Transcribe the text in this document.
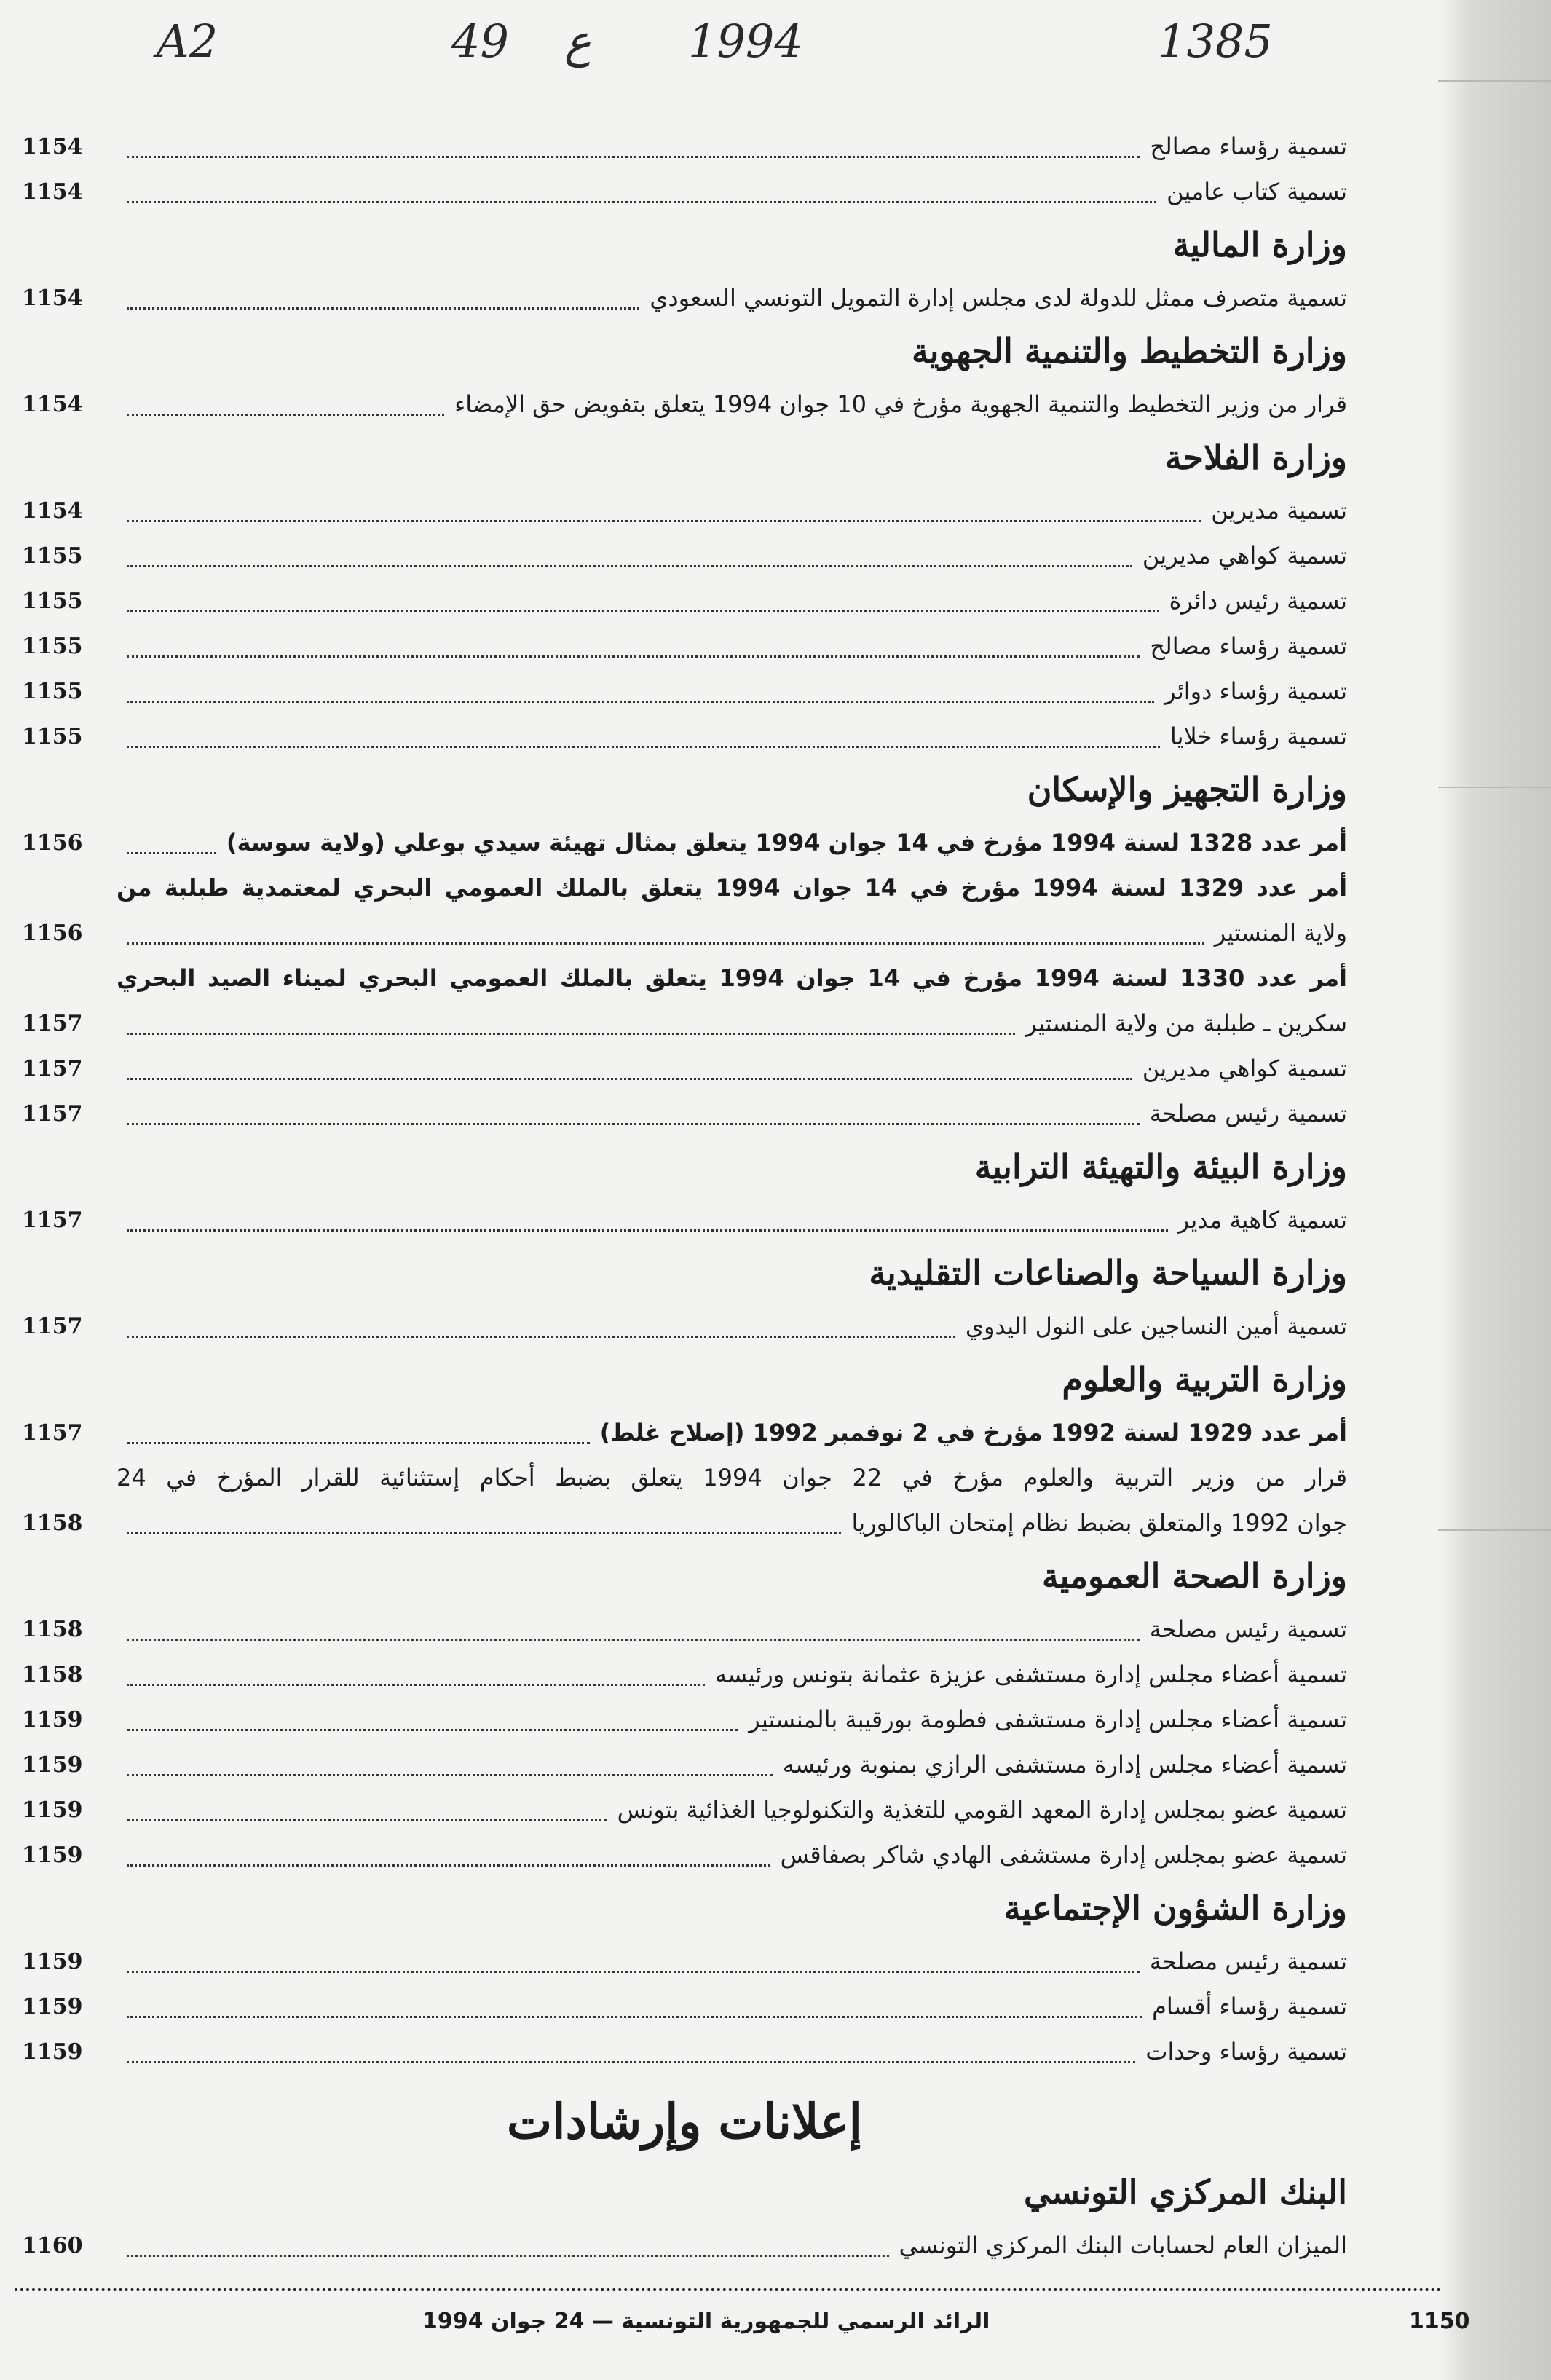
A2	49 ع 1994	1385
1154	تسمية رؤساء مصالح
1154	تسمية كتاب عامين
وزارة المالية
1154	تسمية متصرف ممثل للدولة لدى مجلس إدارة التمويل التونسي السعودي
وزارة التخطيط والتنمية الجهوية
1154	قرار من وزير التخطيط والتنمية الجهوية مؤرخ في 10 جوان 1994 يتعلق بتفويض حق الإمضاء
وزارة الفلاحة
1154	تسمية مديرين
1155	تسمية كواهي مديرين
1155	تسمية رئيس دائرة
1155	تسمية رؤساء مصالح
1155	تسمية رؤساء دوائر
1155	تسمية رؤساء خلايا
وزارة التجهيز والإسكان
1156	أمر عدد 1328 لسنة 1994 مؤرخ في 14 جوان 1994 يتعلق بمثال تهيئة سيدي بوعلي (ولاية سوسة)
أمر عدد 1329 لسنة 1994 مؤرخ في 14 جوان 1994 يتعلق بالملك العمومي البحري لمعتمدية طبلبة من
1156	ولاية المنستير
أمر عدد 1330 لسنة 1994 مؤرخ في 14 جوان 1994 يتعلق بالملك العمومي البحري لميناء الصيد البحري
1157	سكرين ـ طبلبة من ولاية المنستير
1157	تسمية كواهي مديرين
1157	تسمية رئيس مصلحة
وزارة البيئة والتهيئة الترابية
1157	تسمية كاهية مدير
وزارة السياحة والصناعات التقليدية
1157	تسمية أمين النساجين على النول اليدوي
وزارة التربية والعلوم
1157	أمر عدد 1929 لسنة 1992 مؤرخ في 2 نوفمبر 1992 (إصلاح غلط)
قرار من وزير التربية والعلوم مؤرخ في 22 جوان 1994 يتعلق بضبط أحكام إستثنائية للقرار المؤرخ في 24
1158	جوان 1992 والمتعلق بضبط نظام إمتحان الباكالوريا
وزارة الصحة العمومية
1158	تسمية رئيس مصلحة
1158	تسمية أعضاء مجلس إدارة مستشفى عزيزة عثمانة بتونس ورئيسه
1159	تسمية أعضاء مجلس إدارة مستشفى فطومة بورقيبة بالمنستير
1159	تسمية أعضاء مجلس إدارة مستشفى الرازي بمنوبة ورئيسه
1159	تسمية عضو بمجلس إدارة المعهد القومي للتغذية والتكنولوجيا الغذائية بتونس
1159	تسمية عضو بمجلس إدارة مستشفى الهادي شاكر بصفاقس
وزارة الشؤون الإجتماعية
1159	تسمية رئيس مصلحة
1159	تسمية رؤساء أقسام
1159	تسمية رؤساء وحدات
إعلانات وإرشادات
البنك المركزي التونسي
1160	الميزان العام لحسابات البنك المركزي التونسي
الرائد الرسمي للجمهورية التونسية — 24 جوان 1994	1150
